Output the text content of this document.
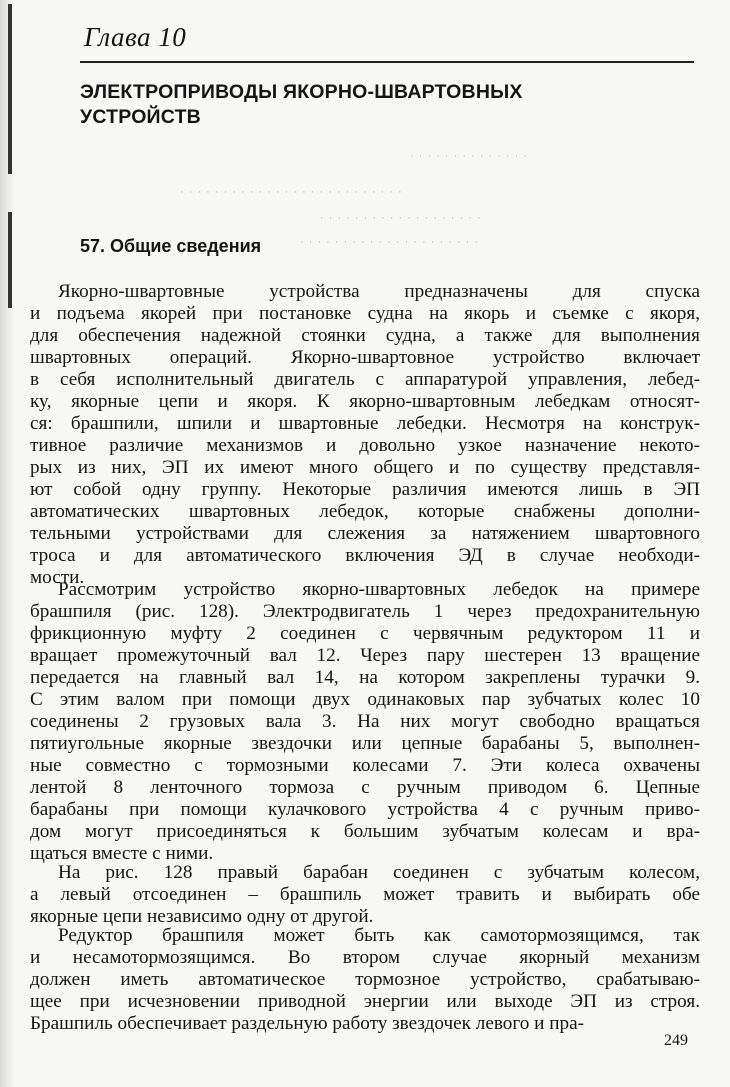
Глава 10
ЭЛЕКТРОПРИВОДЫ ЯКОРНО-ШВАРТОВНЫХ
УСТРОЙСТВ
· · · · · · · · · · · · · ·
· · · · · · · · · · · · · · · · · · · · · · · · · ·
· · · · · · · · · · · · · · · · · · ·
· · · · · · · · · · · · · · · · · · · · ·
57. Общие сведения
Якорно-швартовные устройства предназначены для спуска
и подъема якорей при постановке судна на якорь и съемке с якоря,
для обеспечения надежной стоянки судна, а также для выполнения
швартовных операций. Якорно-швартовное устройство включает
в себя исполнительный двигатель с аппаратурой управления, лебед-
ку, якорные цепи и якоря. К якорно-швартовным лебедкам относят-
ся: брашпили, шпили и швартовные лебедки. Несмотря на конструк-
тивное различие механизмов и довольно узкое назначение некото-
рых из них, ЭП их имеют много общего и по существу представля-
ют собой одну группу. Некоторые различия имеются лишь в ЭП
автоматических швартовных лебедок, которые снабжены дополни-
тельными устройствами для слежения за натяжением швартовного
троса и для автоматического включения ЭД в случае необходи-
мости.
Рассмотрим устройство якорно-швартовных лебедок на примере
брашпиля (рис. 128). Электродвигатель 1 через предохранительную
фрикционную муфту 2 соединен с червячным редуктором 11 и
вращает промежуточный вал 12. Через пару шестерен 13 вращение
передается на главный вал 14, на котором закреплены турачки 9.
С этим валом при помощи двух одинаковых пар зубчатых колес 10
соединены 2 грузовых вала 3. На них могут свободно вращаться
пятиугольные якорные звездочки или цепные барабаны 5, выполнен-
ные совместно с тормозными колесами 7. Эти колеса охвачены
лентой 8 ленточного тормоза с ручным приводом 6. Цепные
барабаны при помощи кулачкового устройства 4 с ручным приво-
дом могут присоединяться к большим зубчатым колесам и вра-
щаться вместе с ними.
На рис. 128 правый барабан соединен с зубчатым колесом,
а левый отсоединен – брашпиль может травить и выбирать обе
якорные цепи независимо одну от другой.
Редуктор брашпиля может быть как самотормозящимся, так
и несамотормозящимся. Во втором случае якорный механизм
должен иметь автоматическое тормозное устройство, срабатываю-
щее при исчезновении приводной энергии или выходе ЭП из строя.
Брашпиль обеспечивает раздельную работу звездочек левого и пра-
249
